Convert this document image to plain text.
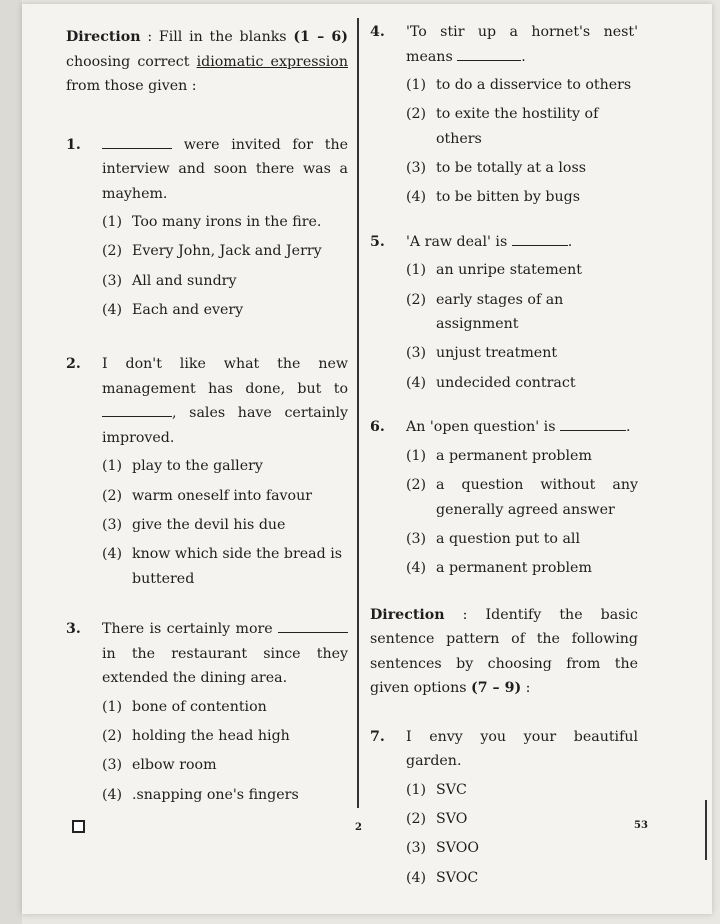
Direction : Fill in the blanks (1 – 6) choosing correct idiomatic expression from those given :

1.	were invited for the interview and soon there was a mayhem.

(1) Too many irons in the fire.
(2) Every John, Jack and Jerry
(3) All and sundry
(4) Each and every
2. I don't like what the new management has done, but to , sales have certainly improved.

(1) play to the gallery
(2) warm oneself into favour
(3) give the devil his due
(4) know which side the bread is buttered
3. There is certainly more  in the restaurant since they extended the dining area.

(1) bone of contention
(2) holding the head high
(3) elbow room
(4) .snapping one's fingers
4. 'To stir up a hornet's nest' means	.

(1) to do a disservice to others
(2) to exite the hostility of others
(3) to be totally at a loss
(4) to be bitten by bugs
5. 'A raw deal' is	.

(1) an unripe statement
(2) early stages of an assignment
(3) unjust treatment
(4) undecided contract
6. An 'open question' is	.

(1) a permanent problem
(2) a question without any generally agreed answer
(3) a question put to all
(4) a permanent problem

Direction : Identify the basic sentence pattern of the following sentences by choosing from the given options (7 – 9) :

7. I envy you your beautiful garden.

(1) SVC
(2) SVO
(3) SVOO
(4) SVOC
2	53
